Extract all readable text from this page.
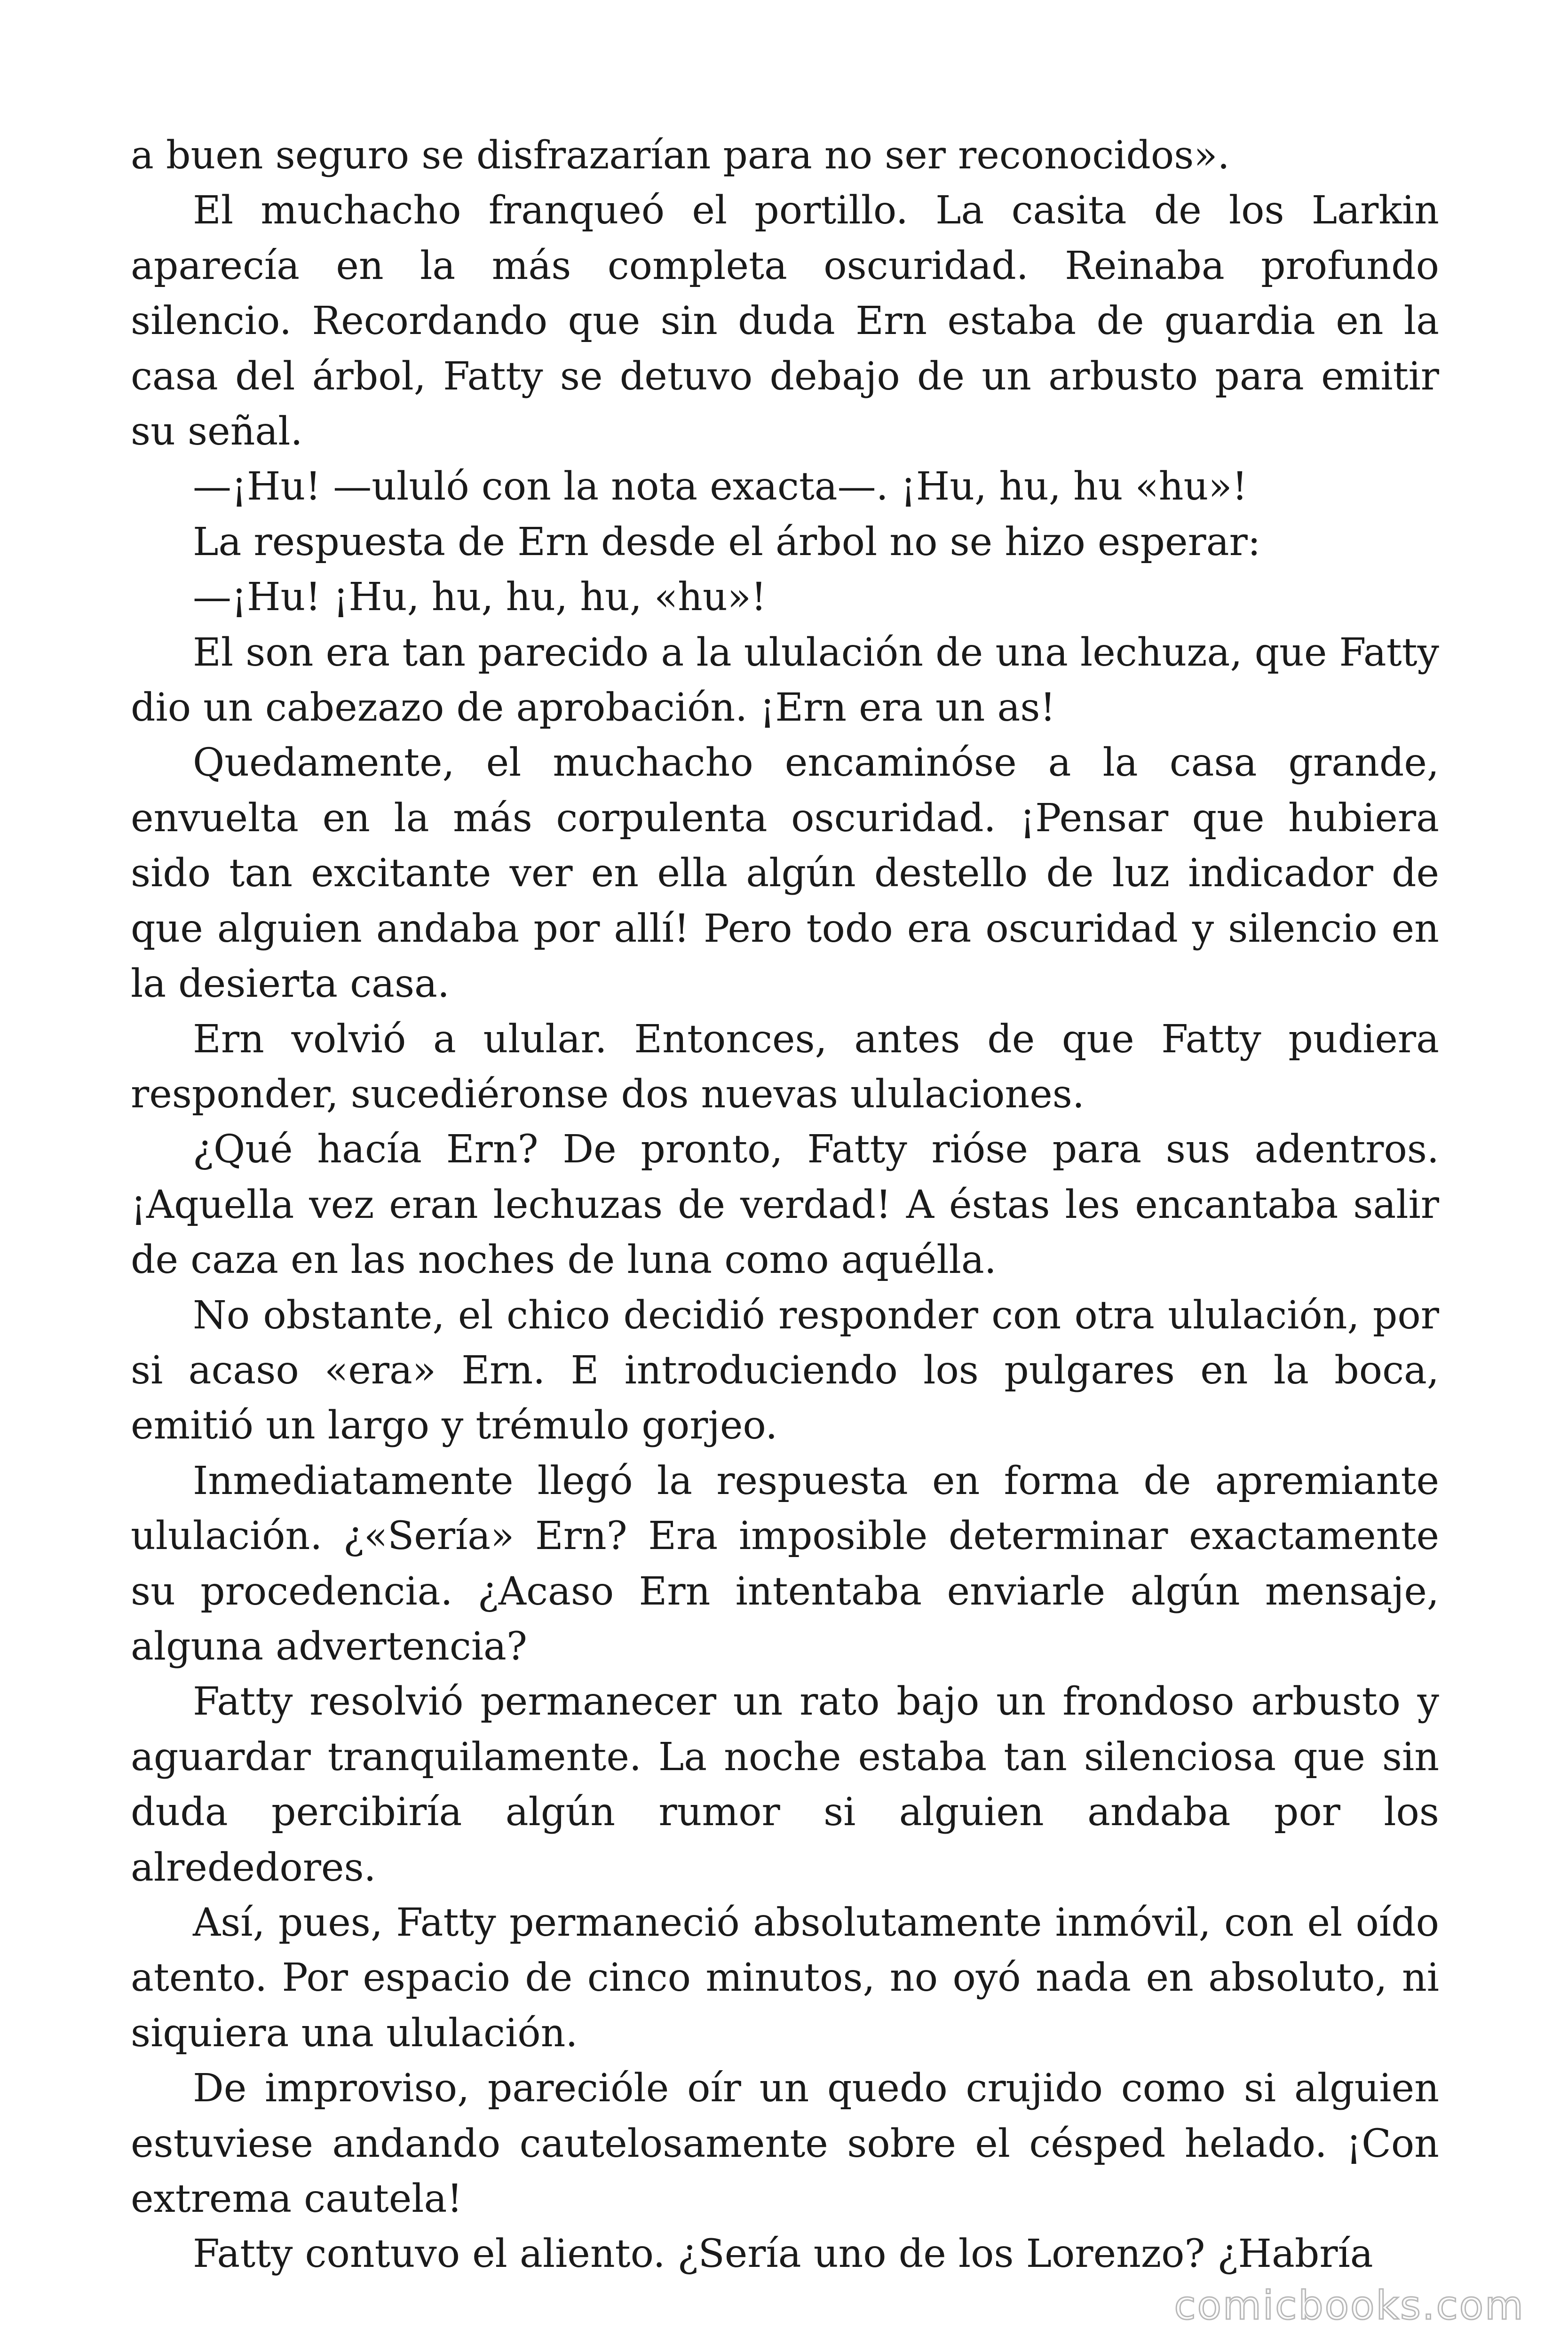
a buen seguro se disfrazarían para no ser reconocidos».

El muchacho franqueó el portillo. La casita de los Larkin aparecía en la más completa oscuridad. Reinaba profundo silencio. Recordando que sin duda Ern estaba de guardia en la casa del árbol, Fatty se detuvo debajo de un arbusto para emitir su señal.

—¡Hu! —ululó con la nota exacta—. ¡Hu, hu, hu «hu»!

La respuesta de Ern desde el árbol no se hizo esperar:

—¡Hu! ¡Hu, hu, hu, hu, «hu»!

El son era tan parecido a la ululación de una lechuza, que Fatty dio un cabezazo de aprobación. ¡Ern era un as!

Quedamente, el muchacho encaminóse a la casa grande, envuelta en la más corpulenta oscuridad. ¡Pensar que hubiera sido tan excitante ver en ella algún destello de luz indicador de que alguien andaba por allí! Pero todo era oscuridad y silencio en la desierta casa.

Ern volvió a ulular. Entonces, antes de que Fatty pudiera responder, sucediéronse dos nuevas ululaciones.

¿Qué hacía Ern? De pronto, Fatty rióse para sus adentros. ¡Aquella vez eran lechuzas de verdad! A éstas les encantaba salir de caza en las noches de luna como aquélla.

No obstante, el chico decidió responder con otra ululación, por si acaso «era» Ern. E introduciendo los pulgares en la boca, emitió un largo y trémulo gorjeo.

Inmediatamente llegó la respuesta en forma de apremiante ululación. ¿«Sería» Ern? Era imposible determinar exactamente su procedencia. ¿Acaso Ern intentaba enviarle algún mensaje, alguna advertencia?

Fatty resolvió permanecer un rato bajo un frondoso arbusto y aguardar tranquilamente. La noche estaba tan silenciosa que sin duda percibiría algún rumor si alguien andaba por los alrededores.

Así, pues, Fatty permaneció absolutamente inmóvil, con el oído atento. Por espacio de cinco minutos, no oyó nada en absoluto, ni siquiera una ululación.

De improviso, parecióle oír un quedo crujido como si alguien estuviese andando cautelosamente sobre el césped helado. ¡Con extrema cautela!

Fatty contuvo el aliento. ¿Sería uno de los Lorenzo? ¿Habría

comicbooks.com
